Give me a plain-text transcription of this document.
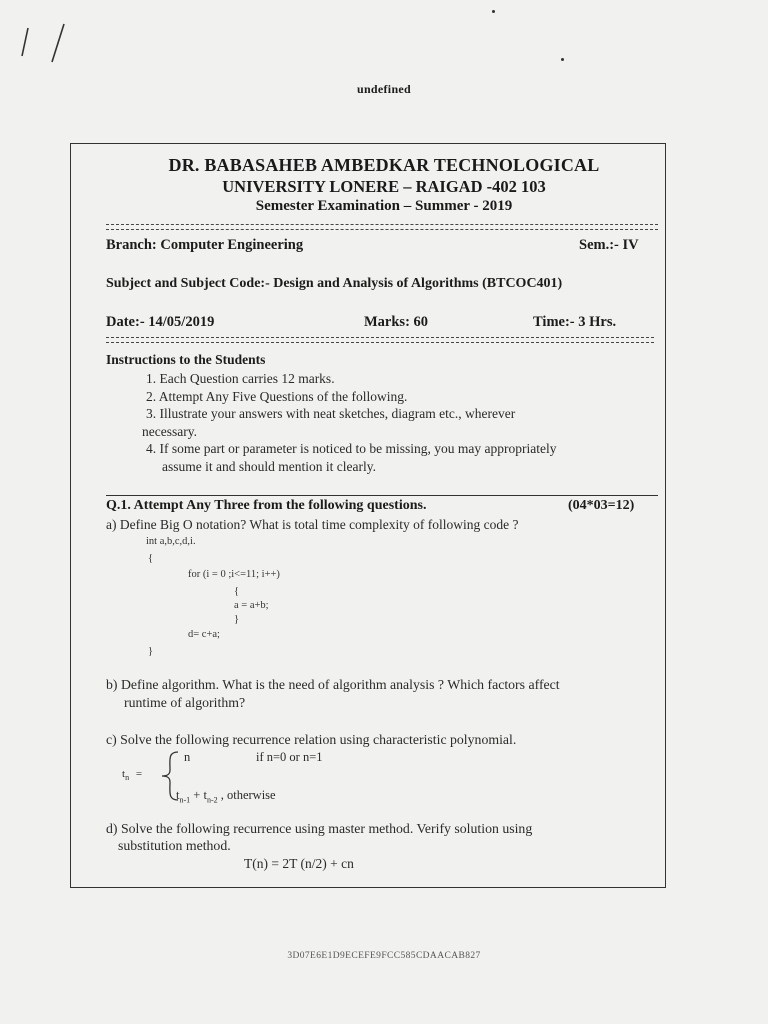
undefined
DR. BABASAHEB AMBEDKAR TECHNOLOGICAL
UNIVERSITY LONERE – RAIGAD -402 103
Semester Examination – Summer - 2019
Branch: Computer Engineering	Sem.:- IV
Subject and Subject Code:- Design and Analysis of Algorithms (BTCOC401)
Date:- 14/05/2019	Marks: 60	Time:- 3 Hrs.
Instructions to the Students
1. Each Question carries 12 marks.
2. Attempt Any Five Questions of the following.
3. Illustrate your answers with neat sketches, diagram etc., wherever
necessary.
4. If some part or parameter is noticed to be missing, you may appropriately
assume it and should mention it clearly.
Q.1. Attempt Any Three from the following questions.	(04*03=12)
a) Define Big O notation? What is total time complexity of following code ?
int a,b,c,d,i.
{
for (i = 0 ;i<=11; i++)
{
a = a+b;
}
d= c+a;
}
b) Define algorithm. What is the need of algorithm analysis ? Which factors affect
runtime of algorithm?
c) Solve the following recurrence relation using characteristic polynomial.
$t_n$ =
n	if n=0 or n=1
$t_{n-1} + t_{n-2}$ , otherwise
d) Solve the following recurrence using master method. Verify solution using
substitution method.
T(n) = 2T (n/2) + cn
3D07E6E1D9ECEFE9FCC585CDAACAB827
